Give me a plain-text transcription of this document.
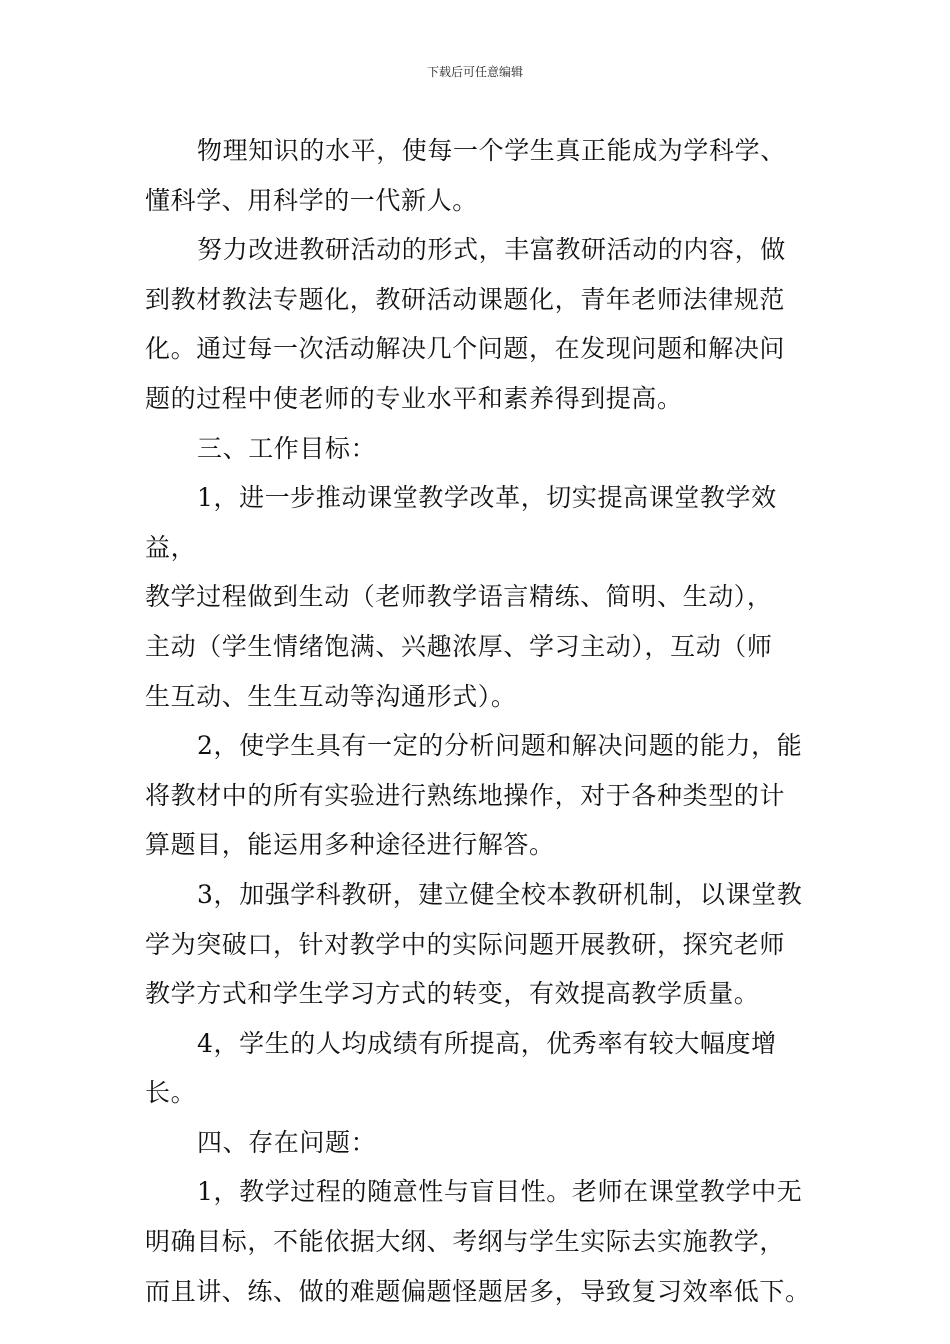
下载后可任意编辑
物理知识的水平，使每一个学生真正能成为学科学、
懂科学、用科学的一代新人。
努力改进教研活动的形式，丰富教研活动的内容，做
到教材教法专题化，教研活动课题化，青年老师法律规范
化。通过每一次活动解决几个问题，在发现问题和解决问
题的过程中使老师的专业水平和素养得到提高。
三、工作目标：
1，进一步推动课堂教学改革，切实提高课堂教学效益，
教学过程做到生动（老师教学语言精练、简明、生动），
主动（学生情绪饱满、兴趣浓厚、学习主动），互动（师
生互动、生生互动等沟通形式）。
2，使学生具有一定的分析问题和解决问题的能力，能
将教材中的所有实验进行熟练地操作，对于各种类型的计
算题目，能运用多种途径进行解答。
3，加强学科教研，建立健全校本教研机制，以课堂教
学为突破口，针对教学中的实际问题开展教研，探究老师
教学方式和学生学习方式的转变，有效提高教学质量。
4，学生的人均成绩有所提高，优秀率有较大幅度增长。
四、存在问题：
1，教学过程的随意性与盲目性。老师在课堂教学中无
明确目标，不能依据大纲、考纲与学生实际去实施教学，
而且讲、练、做的难题偏题怪题居多，导致复习效率低下。
